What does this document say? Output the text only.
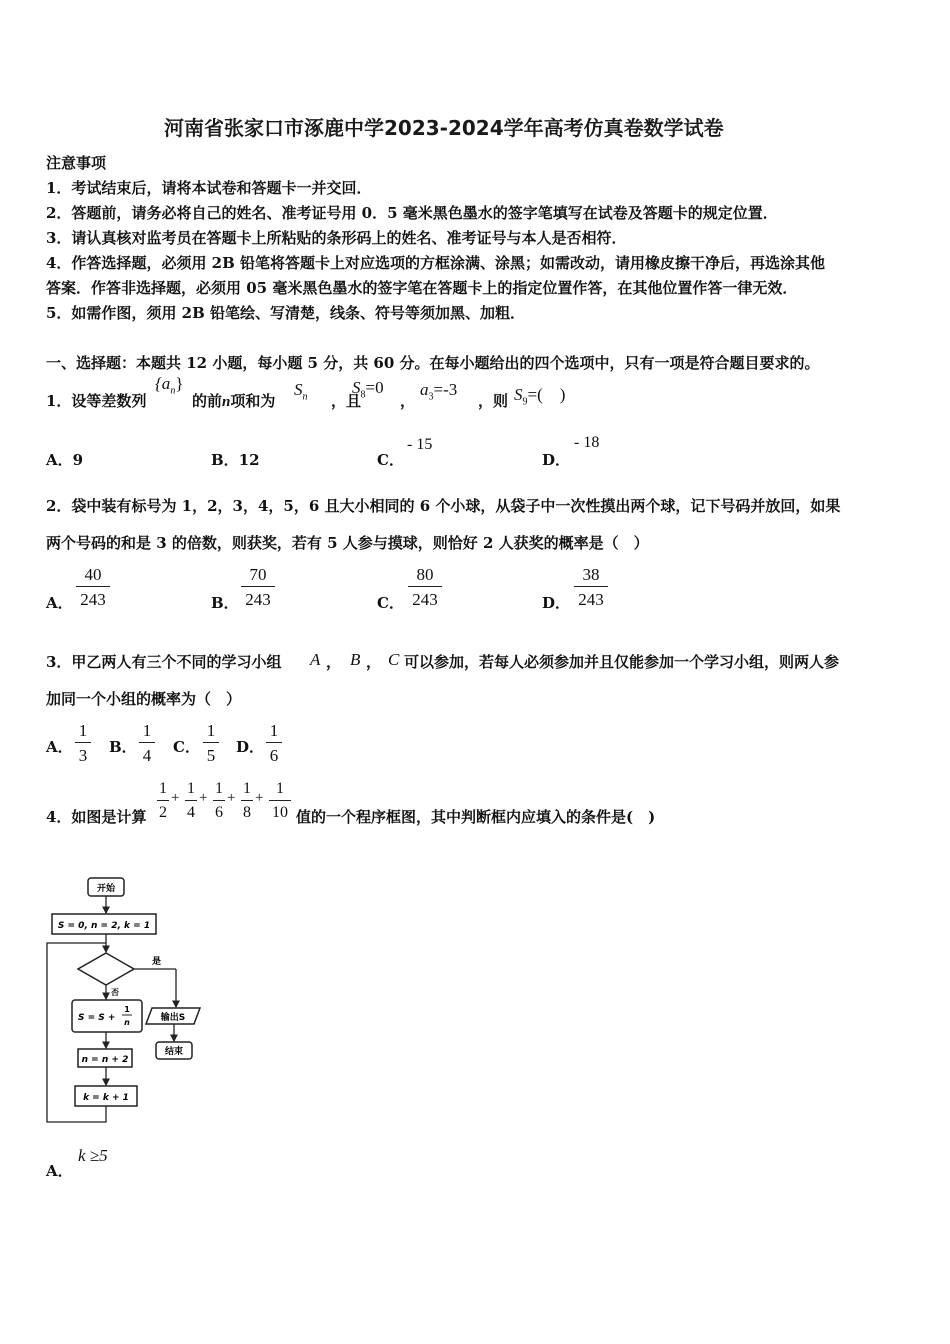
河南省张家口市涿鹿中学2023-2024学年高考仿真卷数学试卷
注意事项
1．考试结束后，请将本试卷和答题卡一并交回．
2．答题前，请务必将自己的姓名、准考证号用 0．5 毫米黑色墨水的签字笔填写在试卷及答题卡的规定位置．
3．请认真核对监考员在答题卡上所粘贴的条形码上的姓名、准考证号与本人是否相符．
4．作答选择题，必须用 2B 铅笔将答题卡上对应选项的方框涂满、涂黑；如需改动，请用橡皮擦干净后，再选涂其他
答案．作答非选择题，必须用 05 毫米黑色墨水的签字笔在答题卡上的指定位置作答，在其他位置作答一律无效．
5．如需作图，须用 2B 铅笔绘、写清楚，线条、符号等须加黑、加粗．
一、选择题：本题共 12 小题，每小题 5 分，共 60 分。在每小题给出的四个选项中，只有一项是符合题目要求的。
1．设等差数列
$\{a_n\}$
的前n项和为
$S_n$ ，且
$S_8=0$
，
$a_3=-3$
，则 $S_9=$(　)
A．9	B．12	C．
- 15
D．
- 18
2．袋中装有标号为 1，2，3，4，5，6 且大小相同的 6 个小球，从袋子中一次性摸出两个球，记下号码并放回，如果
两个号码的和是 3 的倍数，则获奖，若有 5 人参与摸球，则恰好 2 人获奖的概率是（　）
A．
40
243	B．
70
243	C．
80
243	D．
38
243
3．甲乙两人有三个不同的学习小组 A ， B ， C 可以参加，若每人必须参加并且仅能参加一个学习小组，则两人参
加同一个小组的概率为（　）
A．
1
3 B．
1
4 C．
1
5 D．
1
6
4．如图是计算
1
2
+
1
4
+
1
6
+
1
8
+
1
10 值的一个程序框图，其中判断框内应填入的条件是(　)
开始
S = 0, n = 2, k = 1
是
否
S = S +
1
n	输出S
结束
n = n + 2
k = k + 1
A．
k ≥5
